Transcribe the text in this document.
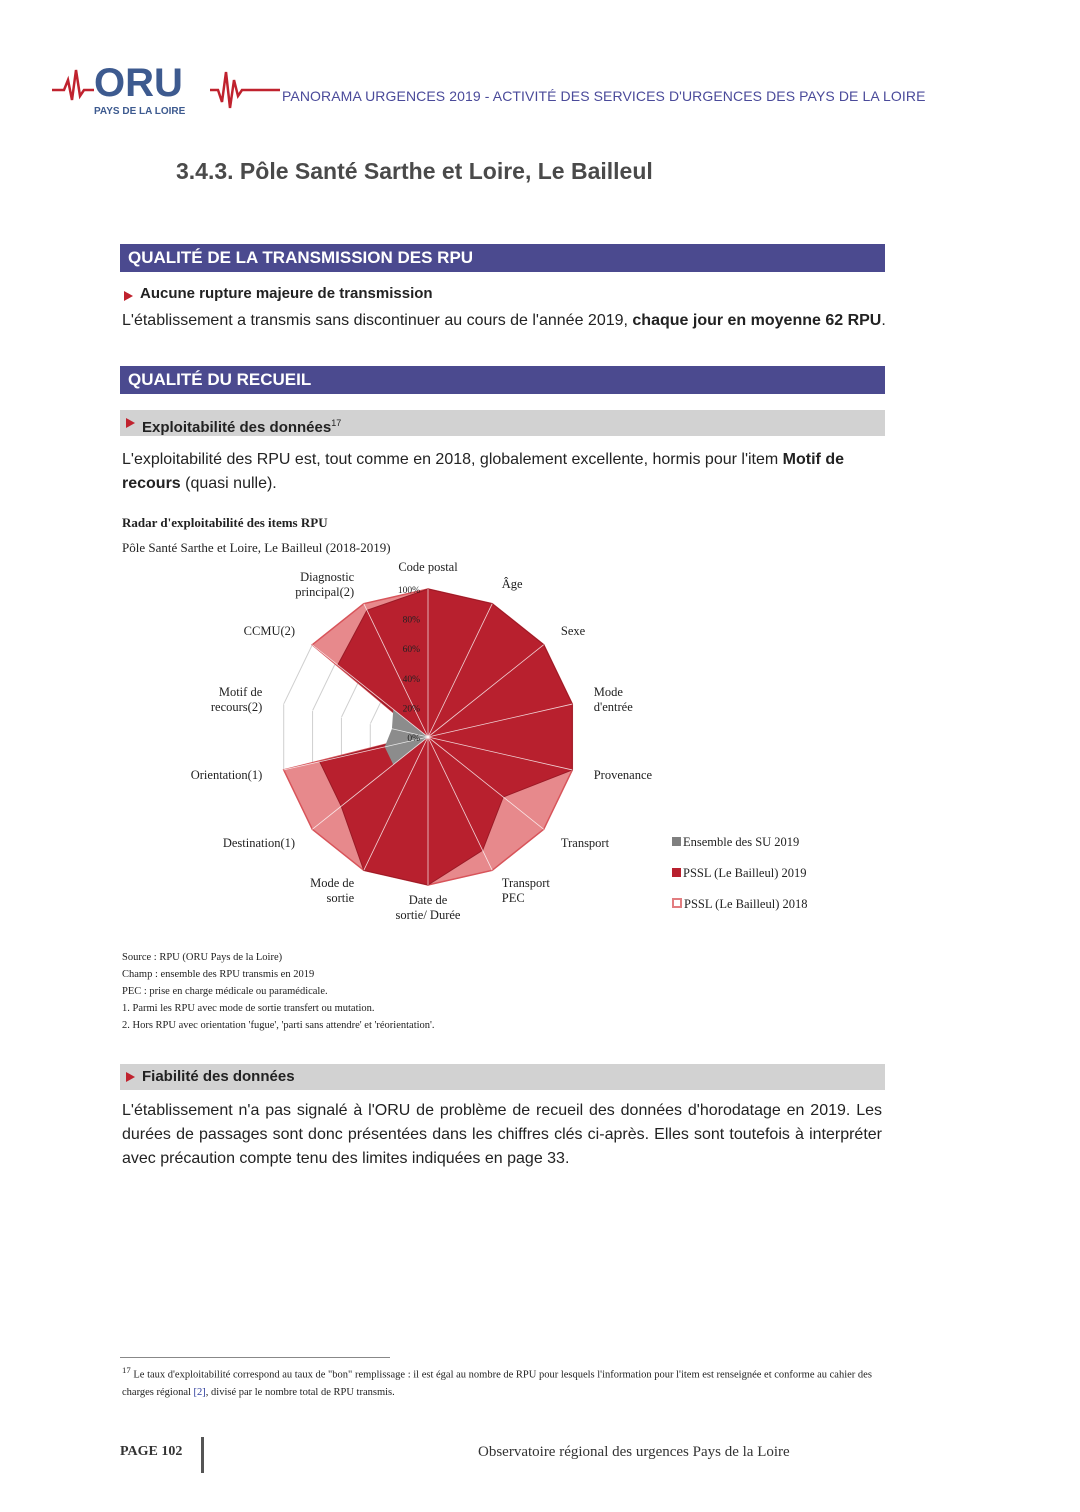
ORU
PAYS DE LA LOIRE
PANORAMA URGENCES 2019 - ACTIVITÉ DES SERVICES D'URGENCES DES PAYS DE LA LOIRE
3.4.3. Pôle Santé Sarthe et Loire, Le Bailleul
QUALITÉ DE LA TRANSMISSION DES RPU
Aucune rupture majeure de transmission
L'établissement a transmis sans discontinuer au cours de l'année 2019, chaque jour en moyenne 62 RPU.
QUALITÉ DU RECUEIL
Exploitabilité des données$^{17}$
L'exploitabilité des RPU est, tout comme en 2018, globalement excellente, hormis pour l'item Motif de recours (quasi nulle).
Radar d'exploitabilité des items RPU
Pôle Santé Sarthe et Loire, Le Bailleul (2018-2019)
0%
20%
40%
60%
80%
100%
Code postal
Âge
Sexe
Mode d'entrée
Provenance
Transport
Transport PEC
Date de sortie/ Durée
Mode de sortie
Destination(1)
Orientation(1)
Motif de recours(2)
CCMU(2)
Diagnostic principal(2)
Ensemble des SU 2019
PSSL (Le Bailleul) 2019
PSSL (Le Bailleul) 2018
Source : RPU (ORU Pays de la Loire)
Champ : ensemble des RPU transmis en 2019
PEC : prise en charge médicale ou paramédicale.
1. Parmi les RPU avec mode de sortie transfert ou mutation.
2. Hors RPU avec orientation 'fugue', 'parti sans attendre' et 'réorientation'.
Fiabilité des données
L'établissement n'a pas signalé à l'ORU de problème de recueil des données d'horodatage en 2019. Les durées de passages sont donc présentées dans les chiffres clés ci-après. Elles sont toutefois à interpréter avec précaution compte tenu des limites indiquées en page 33.
$^{17}$ Le taux d'exploitabilité correspond au taux de "bon" remplissage : il est égal au nombre de RPU pour lesquels l'information pour l'item est renseignée et conforme au cahier des charges régional [2], divisé par le nombre total de RPU transmis.
PAGE 102	Observatoire régional des urgences Pays de la Loire
